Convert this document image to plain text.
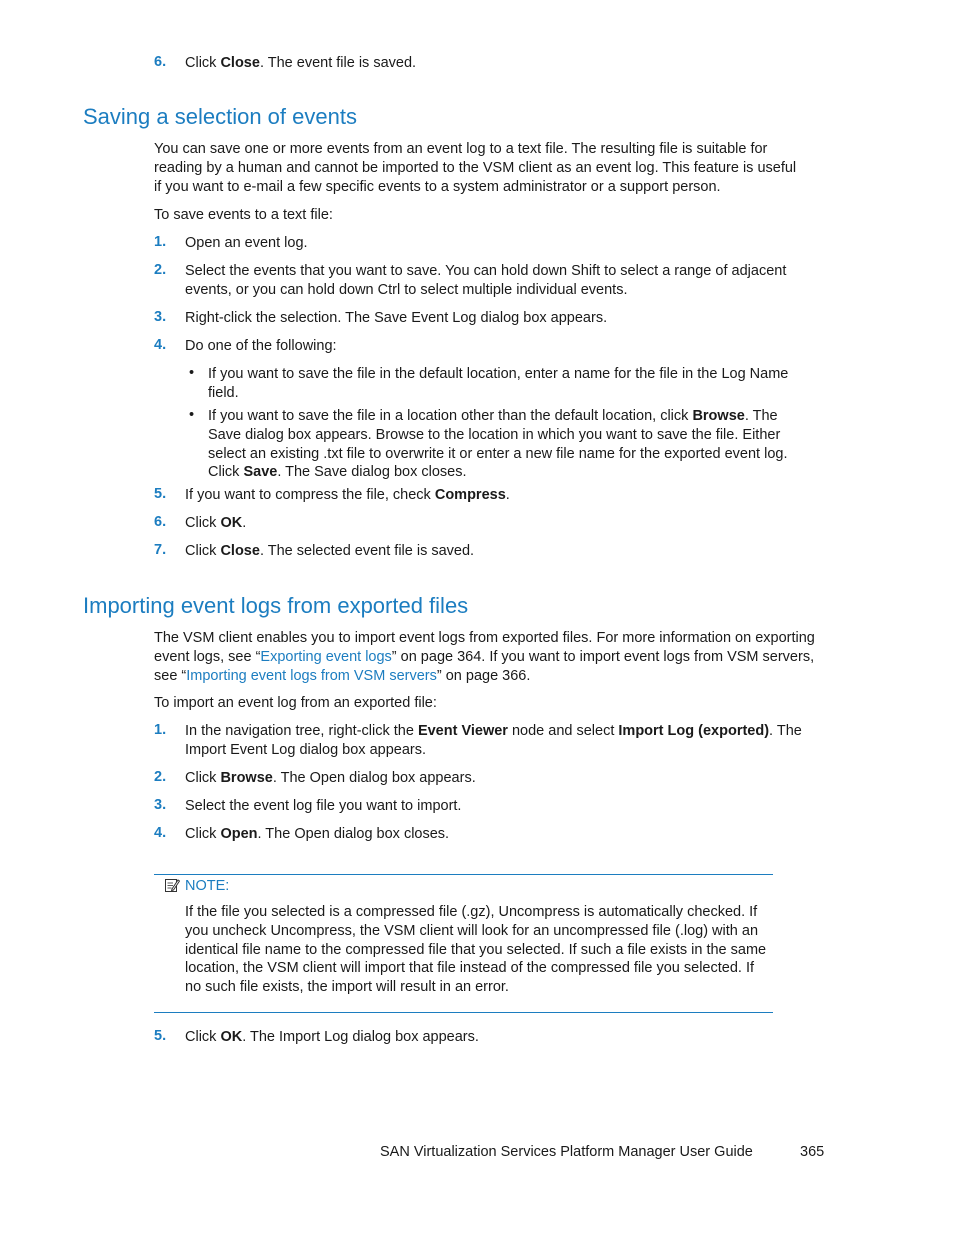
6. Click Close. The event file is saved.
Saving a selection of events
You can save one or more events from an event log to a text file. The resulting file is suitable for
reading by a human and cannot be imported to the VSM client as an event log. This feature is useful
if you want to e-mail a few specific events to a system administrator or a support person.
To save events to a text file:
1. Open an event log.
2. Select the events that you want to save. You can hold down Shift to select a range of adjacent
events, or you can hold down Ctrl to select multiple individual events.
3. Right-click the selection. The Save Event Log dialog box appears.
4. Do one of the following:
• If you want to save the file in the default location, enter a name for the file in the Log Name
field.
• If you want to save the file in a location other than the default location, click Browse. The
Save dialog box appears. Browse to the location in which you want to save the file. Either
select an existing .txt file to overwrite it or enter a new file name for the exported event log.
Click Save. The Save dialog box closes.
5. If you want to compress the file, check Compress.
6. Click OK.
7. Click Close. The selected event file is saved.
Importing event logs from exported files
The VSM client enables you to import event logs from exported files. For more information on exporting
event logs, see “Exporting event logs” on page 364. If you want to import event logs from VSM servers,
see “Importing event logs from VSM servers” on page 366.
To import an event log from an exported file:
1. In the navigation tree, right-click the Event Viewer node and select Import Log (exported). The
Import Event Log dialog box appears.
2. Click Browse. The Open dialog box appears.
3. Select the event log file you want to import.
4. Click Open. The Open dialog box closes.
NOTE:
If the file you selected is a compressed file (.gz), Uncompress is automatically checked. If
you uncheck Uncompress, the VSM client will look for an uncompressed file (.log) with an
identical file name to the compressed file that you selected. If such a file exists in the same
location, the VSM client will import that file instead of the compressed file you selected. If
no such file exists, the import will result in an error.
5. Click OK. The Import Log dialog box appears.
SAN Virtualization Services Platform Manager User Guide	365
